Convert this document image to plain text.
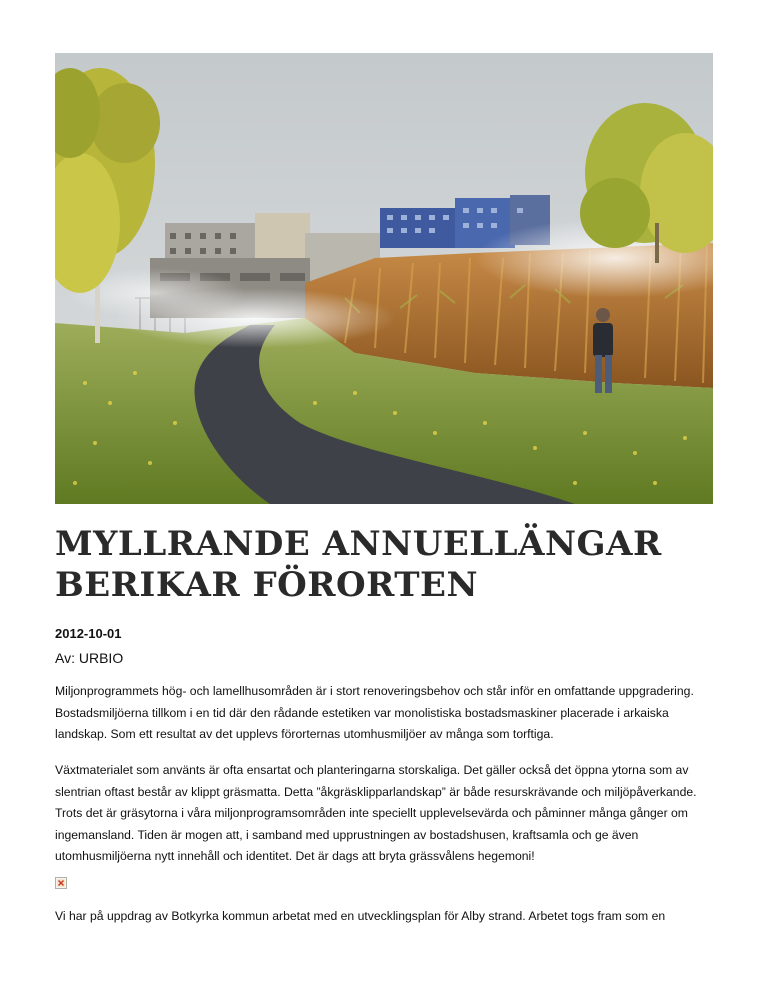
MYLLRANDE ANNUELLÄNGAR BERIKAR FÖRORTEN
2012-10-01
Av: URBIO

Miljonprogrammets hög- och lamellhusområden är i stort renoveringsbehov och står inför en omfattande uppgradering. Bostadsmiljöerna tillkom i en tid där den rådande estetiken var monolistiska bostadsmaskiner placerade i arkaiska landskap. Som ett resultat av det upplevs förorternas utomhusmiljöer av många som torftiga.

Växtmaterialet som använts är ofta ensartat och planteringarna storskaliga. Det gäller också det öppna ytorna som av slentrian oftast består av klippt gräsmatta. Detta ”åkgräsklipparlandskap” är både resurskrävande och miljöpåverkande. Trots det är gräsytorna i våra miljonprogramsområden inte speciellt upplevelsevärda och påminner många gånger om ingemansland. Tiden är mogen att, i samband med upprustningen av bostadshusen, kraftsamla och ge även utomhusmiljöerna nytt innehåll och identitet. Det är dags att bryta grässvålens hegemoni!

Vi har på uppdrag av Botkyrka kommun arbetat med en utvecklingsplan för Alby strand. Arbetet togs fram som en
